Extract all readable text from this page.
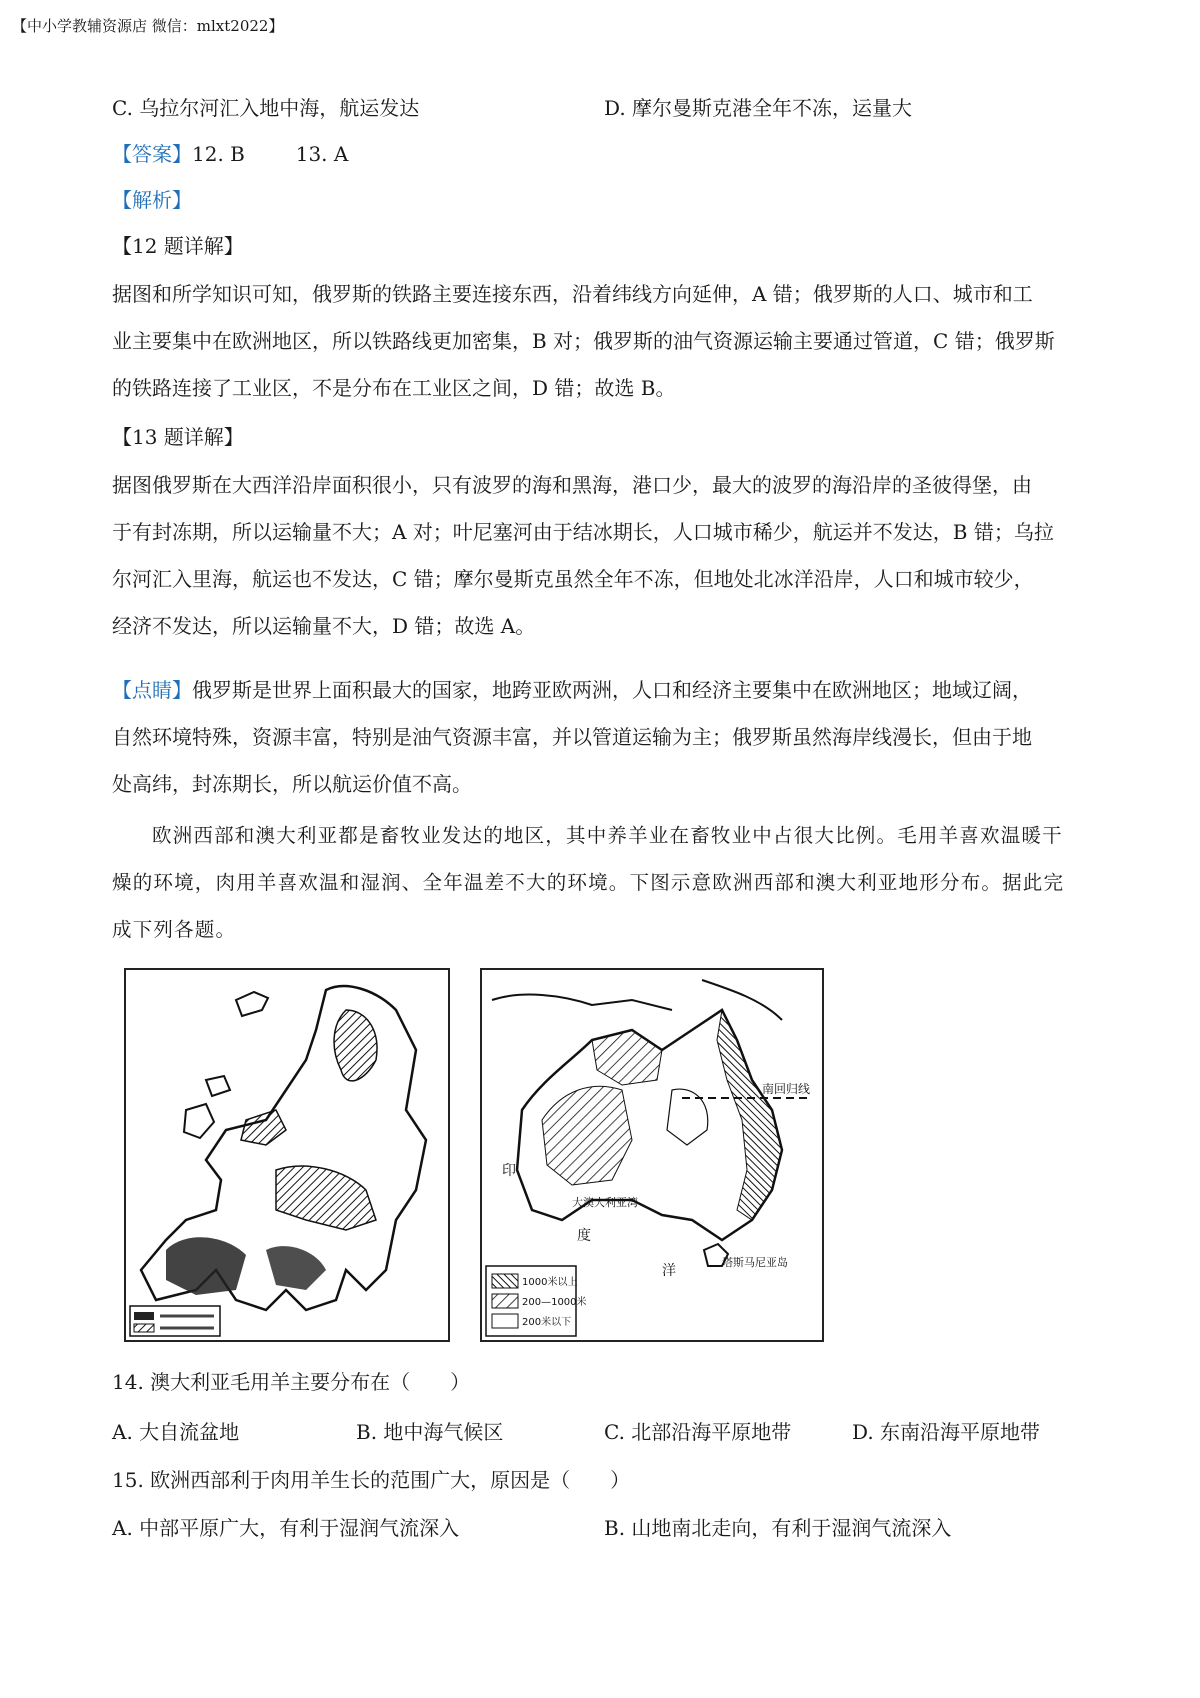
【中小学教辅资源店 微信：mlxt2022】
C. 乌拉尔河汇入地中海，航运发达	D. 摩尔曼斯克港全年不冻，运量大
【答案】12. B        13. A
【解析】
【12 题详解】

据图和所学知识可知，俄罗斯的铁路主要连接东西，沿着纬线方向延伸，A 错；俄罗斯的人口、城市和工

业主要集中在欧洲地区，所以铁路线更加密集，B 对；俄罗斯的油气资源运输主要通过管道，C 错；俄罗斯

的铁路连接了工业区，不是分布在工业区之间，D 错；故选 B。

【13 题详解】

据图俄罗斯在大西洋沿岸面积很小，只有波罗的海和黑海，港口少，最大的波罗的海沿岸的圣彼得堡，由

于有封冻期，所以运输量不大；A 对；叶尼塞河由于结冰期长，人口城市稀少，航运并不发达，B 错；乌拉

尔河汇入里海，航运也不发达，C 错；摩尔曼斯克虽然全年不冻，但地处北冰洋沿岸，人口和城市较少，

经济不发达，所以运输量不大，D 错；故选 A。

【点睛】俄罗斯是世界上面积最大的国家，地跨亚欧两洲，人口和经济主要集中在欧洲地区；地域辽阔，

自然环境特殊，资源丰富，特别是油气资源丰富，并以管道运输为主；俄罗斯虽然海岸线漫长，但由于地

处高纬，封冻期长，所以航运价值不高。

欧洲西部和澳大利亚都是畜牧业发达的地区，其中养羊业在畜牧业中占很大比例。毛用羊喜欢温暖干

燥的环境，肉用羊喜欢温和湿润、全年温差不大的环境。下图示意欧洲西部和澳大利亚地形分布。据此完

成下列各题。

南回归线
大澳大利亚湾
印
度
洋
塔斯马尼亚岛
1000米以上
200—1000米
200米以下
14. 澳大利亚毛用羊主要分布在（　　）
A. 大自流盆地	B. 地中海气候区	C. 北部沿海平原地带	D. 东南沿海平原地带
15. 欧洲西部利于肉用羊生长的范围广大，原因是（　　）
A. 中部平原广大，有利于湿润气流深入	B. 山地南北走向，有利于湿润气流深入
